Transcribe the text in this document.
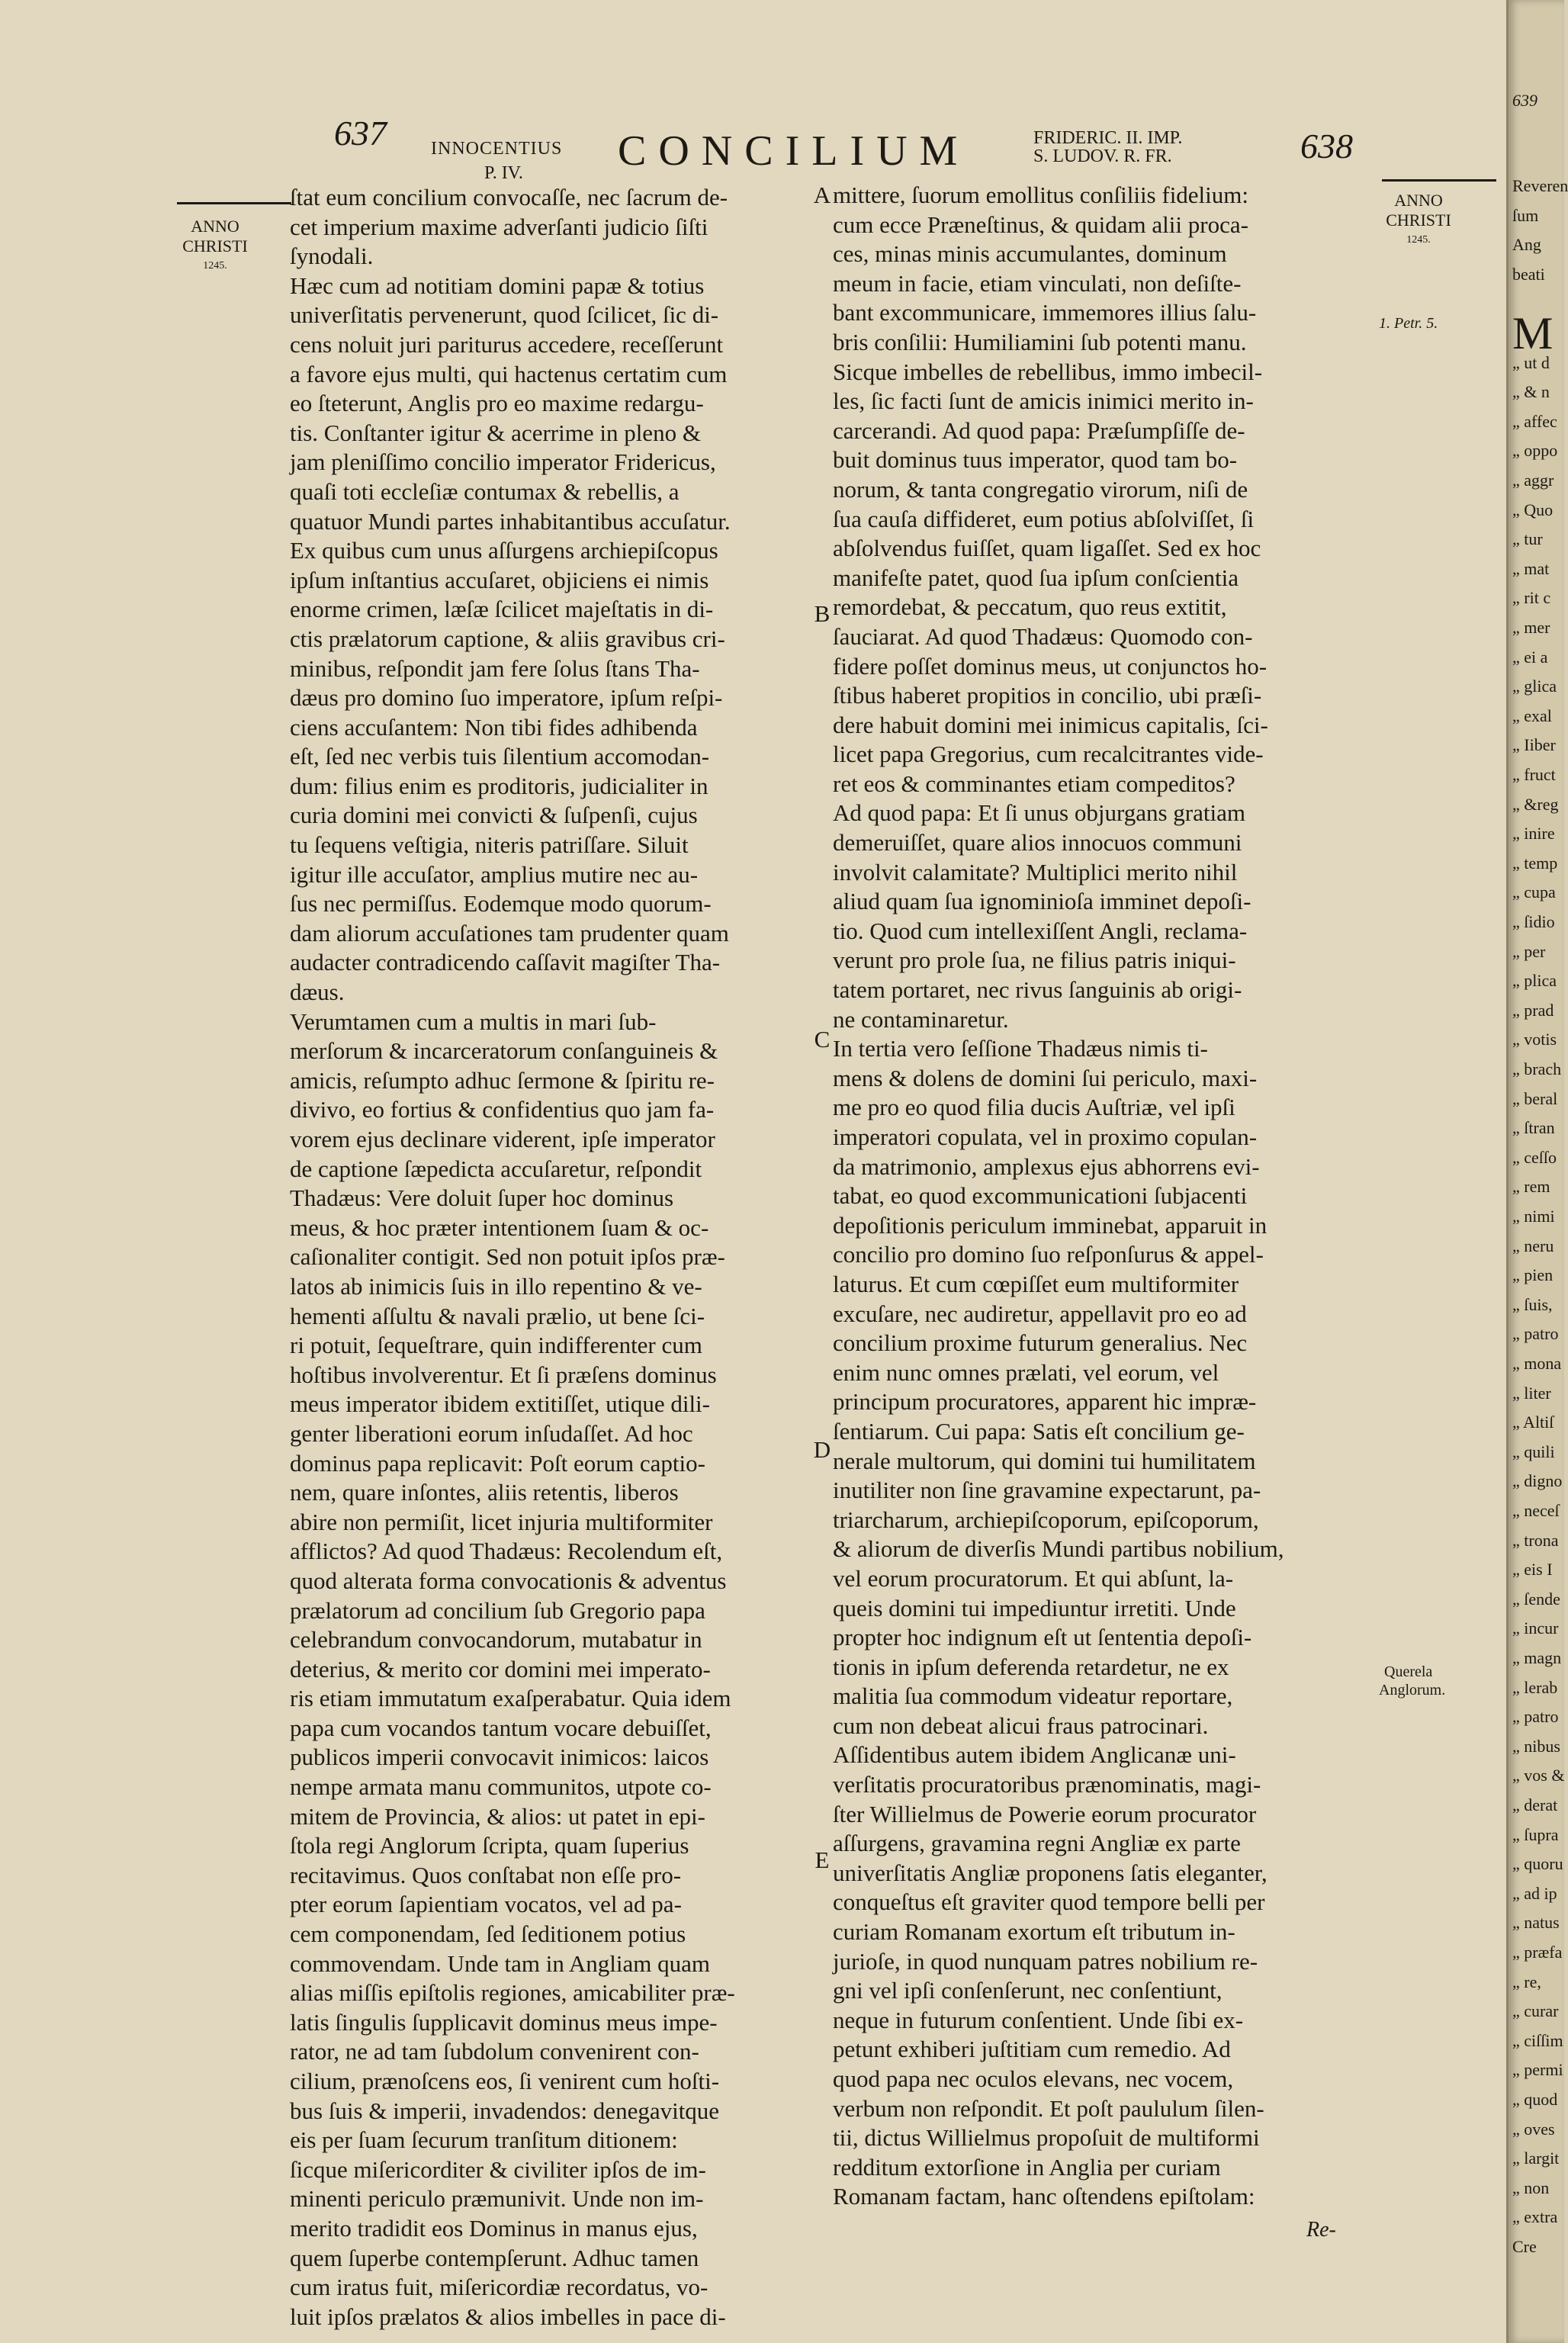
637 INNOCENTIUS
P. IV. CONCILIUM	FRIDERIC. II. IMP.
S. LUDOV. R. FR.	638
ANNO
CHRISTI
1245.
ANNO
CHRISTI
1245.
ſtat eum concilium convocaſſe, nec ſacrum de-
cet imperium maxime adverſanti judicio ſiſti
ſynodali.
Hæc cum ad notitiam domini papæ & totius
univerſitatis pervenerunt, quod ſcilicet, ſic di-
cens noluit juri pariturus accedere, receſſerunt
a favore ejus multi, qui hactenus certatim cum
eo ſteterunt, Anglis pro eo maxime redargu-
tis. Conſtanter igitur & acerrime in pleno &
jam pleniſſimo concilio imperator Fridericus,
quaſi toti eccleſiæ contumax & rebellis, a
quatuor Mundi partes inhabitantibus accuſatur.
Ex quibus cum unus aſſurgens archiepiſcopus
ipſum inſtantius accuſaret, objiciens ei nimis
enorme crimen, læſæ ſcilicet majeſtatis in di-
ctis prælatorum captione, & aliis gravibus cri-
minibus, reſpondit jam fere ſolus ſtans Tha-
dæus pro domino ſuo imperatore, ipſum reſpi-
ciens accuſantem: Non tibi fides adhibenda
eſt, ſed nec verbis tuis ſilentium accomodan-
dum: filius enim es proditoris, judicialiter in
curia domini mei convicti & ſuſpenſi, cujus
tu ſequens veſtigia, niteris patriſſare. Siluit
igitur ille accuſator, amplius mutire nec au-
ſus nec permiſſus. Eodemque modo quorum-
dam aliorum accuſationes tam prudenter quam
audacter contradicendo caſſavit magiſter Tha-
dæus.
Verumtamen cum a multis in mari ſub-
merſorum & incarceratorum conſanguineis &
amicis, reſumpto adhuc ſermone & ſpiritu re-
divivo, eo fortius & confidentius quo jam fa-
vorem ejus declinare viderent, ipſe imperator
de captione ſæpedicta accuſaretur, reſpondit
Thadæus: Vere doluit ſuper hoc dominus
meus, & hoc præter intentionem ſuam & oc-
caſionaliter contigit. Sed non potuit ipſos præ-
latos ab inimicis ſuis in illo repentino & ve-
hementi aſſultu & navali prælio, ut bene ſci-
ri potuit, ſequeſtrare, quin indifferenter cum
hoſtibus involverentur. Et ſi præſens dominus
meus imperator ibidem extitiſſet, utique dili-
genter liberationi eorum inſudaſſet. Ad hoc
dominus papa replicavit: Poſt eorum captio-
nem, quare inſontes, aliis retentis, liberos
abire non permiſit, licet injuria multiformiter
afflictos? Ad quod Thadæus: Recolendum eſt,
quod alterata forma convocationis & adventus
prælatorum ad concilium ſub Gregorio papa
celebrandum convocandorum, mutabatur in
deterius, & merito cor domini mei imperato-
ris etiam immutatum exaſperabatur. Quia idem
papa cum vocandos tantum vocare debuiſſet,
publicos imperii convocavit inimicos: laicos
nempe armata manu communitos, utpote co-
mitem de Provincia, & alios: ut patet in epi-
ſtola regi Anglorum ſcripta, quam ſuperius
recitavimus. Quos conſtabat non eſſe pro-
pter eorum ſapientiam vocatos, vel ad pa-
cem componendam, ſed ſeditionem potius
commovendam. Unde tam in Angliam quam
alias miſſis epiſtolis regiones, amicabiliter præ-
latis ſingulis ſupplicavit dominus meus impe-
rator, ne ad tam ſubdolum convenirent con-
cilium, prænoſcens eos, ſi venirent cum hoſti-
bus ſuis & imperii, invadendos: denegavitque
eis per ſuam ſecurum tranſitum ditionem:
ſicque miſericorditer & civiliter ipſos de im-
minenti periculo præmunivit. Unde non im-
merito tradidit eos Dominus in manus ejus,
quem ſuperbe contempſerunt. Adhuc tamen
cum iratus fuit, miſericordiæ recordatus, vo-
luit ipſos prælatos & alios imbelles in pace di-
mittere, ſuorum emollitus conſiliis fidelium:
cum ecce Præneſtinus, & quidam alii proca-
ces, minas minis accumulantes, dominum
meum in facie, etiam vinculati, non deſiſte-
bant excommunicare, immemores illius ſalu-
bris conſilii: Humiliamini ſub potenti manu.
Sicque imbelles de rebellibus, immo imbecil-
les, ſic facti ſunt de amicis inimici merito in-
carcerandi. Ad quod papa: Præſumpſiſſe de-
buit dominus tuus imperator, quod tam bo-
norum, & tanta congregatio virorum, niſi de
ſua cauſa diffideret, eum potius abſolviſſet, ſi
abſolvendus fuiſſet, quam ligaſſet. Sed ex hoc
manifeſte patet, quod ſua ipſum conſcientia
remordebat, & peccatum, quo reus extitit,
ſauciarat. Ad quod Thadæus: Quomodo con-
fidere poſſet dominus meus, ut conjunctos ho-
ſtibus haberet propitios in concilio, ubi præſi-
dere habuit domini mei inimicus capitalis, ſci-
licet papa Gregorius, cum recalcitrantes vide-
ret eos & comminantes etiam compeditos?
Ad quod papa: Et ſi unus objurgans gratiam
demeruiſſet, quare alios innocuos communi
involvit calamitate? Multiplici merito nihil
aliud quam ſua ignominioſa imminet depoſi-
tio. Quod cum intellexiſſent Angli, reclama-
verunt pro prole ſua, ne filius patris iniqui-
tatem portaret, nec rivus ſanguinis ab origi-
ne contaminaretur.
In tertia vero ſeſſione Thadæus nimis ti-
mens & dolens de domini ſui periculo, maxi-
me pro eo quod filia ducis Auſtriæ, vel ipſi
imperatori copulata, vel in proximo copulan-
da matrimonio, amplexus ejus abhorrens evi-
tabat, eo quod excommunicationi ſubjacenti
depoſitionis periculum imminebat, apparuit in
concilio pro domino ſuo reſponſurus & appel-
laturus. Et cum cœpiſſet eum multiformiter
excuſare, nec audiretur, appellavit pro eo ad
concilium proxime futurum generalius. Nec
enim nunc omnes prælati, vel eorum, vel
principum procuratores, apparent hic impræ-
ſentiarum. Cui papa: Satis eſt concilium ge-
nerale multorum, qui domini tui humilitatem
inutiliter non ſine gravamine expectarunt, pa-
triarcharum, archiepiſcoporum, epiſcoporum,
& aliorum de diverſis Mundi partibus nobilium,
vel eorum procuratorum. Et qui abſunt, la-
queis domini tui impediuntur irretiti. Unde
propter hoc indignum eſt ut ſententia depoſi-
tionis in ipſum deferenda retardetur, ne ex
malitia ſua commodum videatur reportare,
cum non debeat alicui fraus patrocinari.
Aſſidentibus autem ibidem Anglicanæ uni-
verſitatis procuratoribus prænominatis, magi-
ſter Willielmus de Powerie eorum procurator
aſſurgens, gravamina regni Angliæ ex parte
univerſitatis Angliæ proponens ſatis eleganter,
conqueſtus eſt graviter quod tempore belli per
curiam Romanam exortum eſt tributum in-
jurioſe, in quod nunquam patres nobilium re-
gni vel ipſi conſenſerunt, nec conſentiunt,
neque in futurum conſentient. Unde ſibi ex-
petunt exhiberi juſtitiam cum remedio. Ad
quod papa nec oculos elevans, nec vocem,
verbum non reſpondit. Et poſt paululum ſilen-
tii, dictus Willielmus propoſuit de multiformi
redditum extorſione in Anglia per curiam
Romanam factam, hanc oſtendens epiſtolam:
A
B
C
D
E
1. Petr. 5.
Querela
Anglorum.
Re-
639
Reveren
ſum
Ang
beati
M
„ ut d
„ & n
„ affec
„ oppo
„ aggr
„ Quo
„ tur
„ mat
„ rit c
„ mer
„ ei a
„ glica
„ exal
„ Iiber
„ fruct
„ &reg
„ inire
„ temp
„ cupa
„ ſidio
„ per
„ plica
„ prad
„ votis
„ brach
„ beral
„ ſtran
„ ceſſo
„ rem
„ nimi
„ neru
„ pien
„ ſuis,
„ patro
„ mona
„ liter
„ Altiſ
„ quili
„ digno
„ neceſ
„ trona
„ eis I
„ ſende
„ incur
„ magn
„ lerab
„ patro
„ nibus
„ vos &
„ derat
„ ſupra
„ quoru
„ ad ip
„ natus
„ præfa
„ re,
„ curar
„ ciſſim
„ permi
„ quod
„ oves
„ largit
„ non
„ extra
Cre
